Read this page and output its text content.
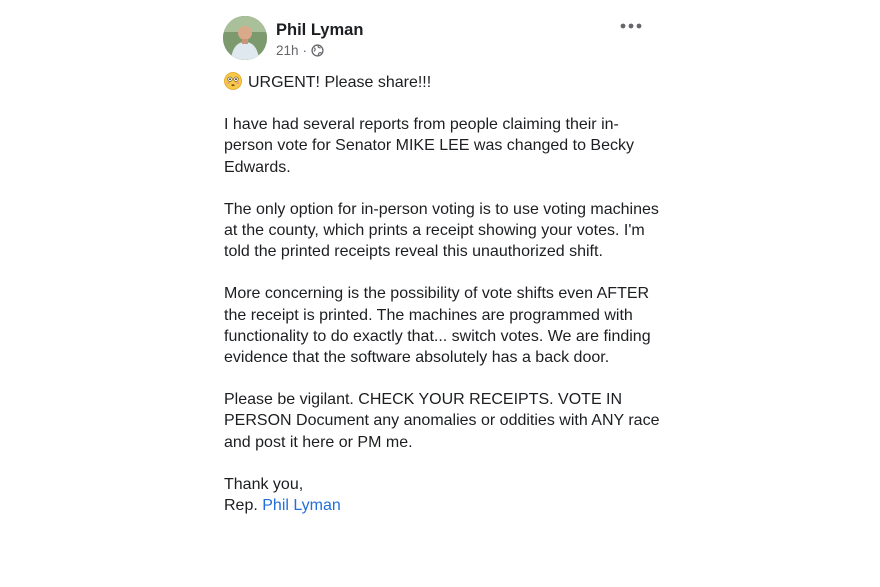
Phil Lyman
21h ·

URGENT! Please share!!!

I have had several reports from people claiming their in-person vote for Senator MIKE LEE was changed to Becky Edwards.

The only option for in-person voting is to use voting machines at the county, which prints a receipt showing your votes. I'm told the printed receipts reveal this unauthorized shift.

More concerning is the possibility of vote shifts even AFTER the receipt is printed. The machines are programmed with functionality to do exactly that... switch votes. We are finding evidence that the software absolutely has a back door.

Please be vigilant. CHECK YOUR RECEIPTS. VOTE IN PERSON Document any anomalies or oddities with ANY race and post it here or PM me.

Thank you,
Rep. Phil Lyman
